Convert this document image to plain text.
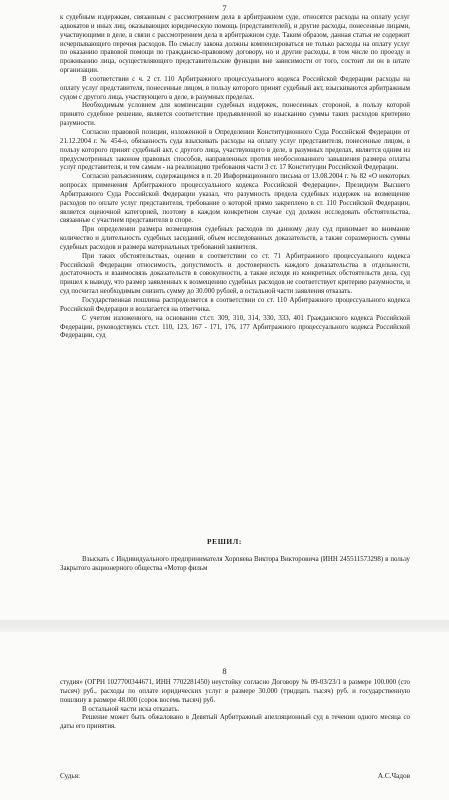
7

к судебным издержкам, связанным с рассмотрением дела в арбитражном суде, относятся расходы на оплату услуг адвокатов и иных лиц, оказывающих юридическую помощь (представителей), и другие расходы, понесенные лицами, участвующими в деле, в связи с рассмотрением дела в арбитражном суде. Таким образом, данная статья не содержит исчерпывающего перечня расходов. По смыслу закона должны компенсироваться не только расходы на оплату услуг по оказанию правовой помощи по гражданско-правовому договору, но и другие расходы, в том числе по проезду и проживанию лица, осуществляющего представительские функции вне зависимости от того, состоит ли он в штате организации.

В соответствии с ч. 2 ст. 110 Арбитражного процессуального кодекса Российской Федерации расходы на оплату услуг представителя, понесенные лицом, в пользу которого принят судебный акт, взыскиваются арбитражным судом с другого лица, участвующего в деле, в разумных пределах.

Необходимым условием для компенсации судебных издержек, понесенных стороной, в пользу которой принято судебное решение, является соответствие предъявленной ко взысканию суммы таких расходов критерию разумности.

Согласно правовой позиции, изложенной в Определении Конституционного Суда Российской Федерации от 21.12.2004 г. № 454-о, обязанность суда взыскивать расходы на оплату услуг представителя, понесенные лицом, в пользу которого принят судебный акт, с другого лица, участвующего в деле, в разумных пределах, является одним из предусмотренных законом правовых способов, направленных против необоснованного завышения размера оплаты услуг представителя, и тем самым - на реализацию требования части 3 ст. 17 Конституции Российской Федерации.

Согласно разъяснениям, содержащимся в п. 20 Информационного письма от 13.08.2004 г. № 82 «О некоторых вопросах применения Арбитражного процессуального кодекса Российской Федерации», Президиум Высшего Арбитражного Суда Российской Федерации указал, что разумность предела судебных издержек на возмещение расходов по оплате услуг представителя, требование о которой прямо закреплено в ст. 110 Российской Федерации, является оценочной категорией, поэтому в каждом конкретном случае суд должен исследовать обстоятельства, связанные с участием представителя в споре.

При определении размера возмещения судебных расходов по данному делу суд принимает во внимание количество и длительность судебных заседаний, объем исследованных доказательств, а также соразмерность суммы судебных расходов и размера материальных требований заявителя.

При таких обстоятельствах, оценив в соответствии со ст. 71 Арбитражного процессуального кодекса Российской Федерации относимость, допустимость и достоверность каждого доказательства в отдельности, достаточность и взаимосвязь доказательств в совокупности, а также исходя из конкретных обстоятельств дела, суд пришел к выводу, что размер заявленных к возмещению судебных расходов не соответствует критерию разумности, и суд посчитал необходимым снизить сумму до 30.000 рублей, в остальной части заявления отказать.

Государственная пошлина распределяется в соответствии со ст. 110 Арбитражного процессуального кодекса Российской Федерации и возлагается на ответчика.

С учетом изложенного, на основании ст.ст. 309, 310, 314, 330, 333, 401 Гражданского кодекса Российской Федерации, руководствуясь ст.ст. 110, 123, 167 - 171, 176, 177 Арбитражного процессуального кодекса Российской Федерации, суд

РЕШИЛ:

Взыскать с Индивидуального предпринимателя Хорпяева Виктора Викторовича (ИНН 245511573298) в пользу Закрытого акционерного общества «Мотор фильм

8

студия» (ОГРН 1027700344671, ИНН 7702281450) неустойку согласно Договору № 09-03/23/1 в размере 100.000 (сто тысяч) руб., расходы по оплате юридических услуг в размере 30.000 (тридцать тысяч) руб. и государственную пошлину в размере 48.000 (сорок восемь тысяч) руб.

В остальной части иска отказать.

Решение может быть обжаловано в Девятый Арбитражный апелляционный суд в течении одного месяца со даты его принятия.

Судья:	А.С.Чадов
